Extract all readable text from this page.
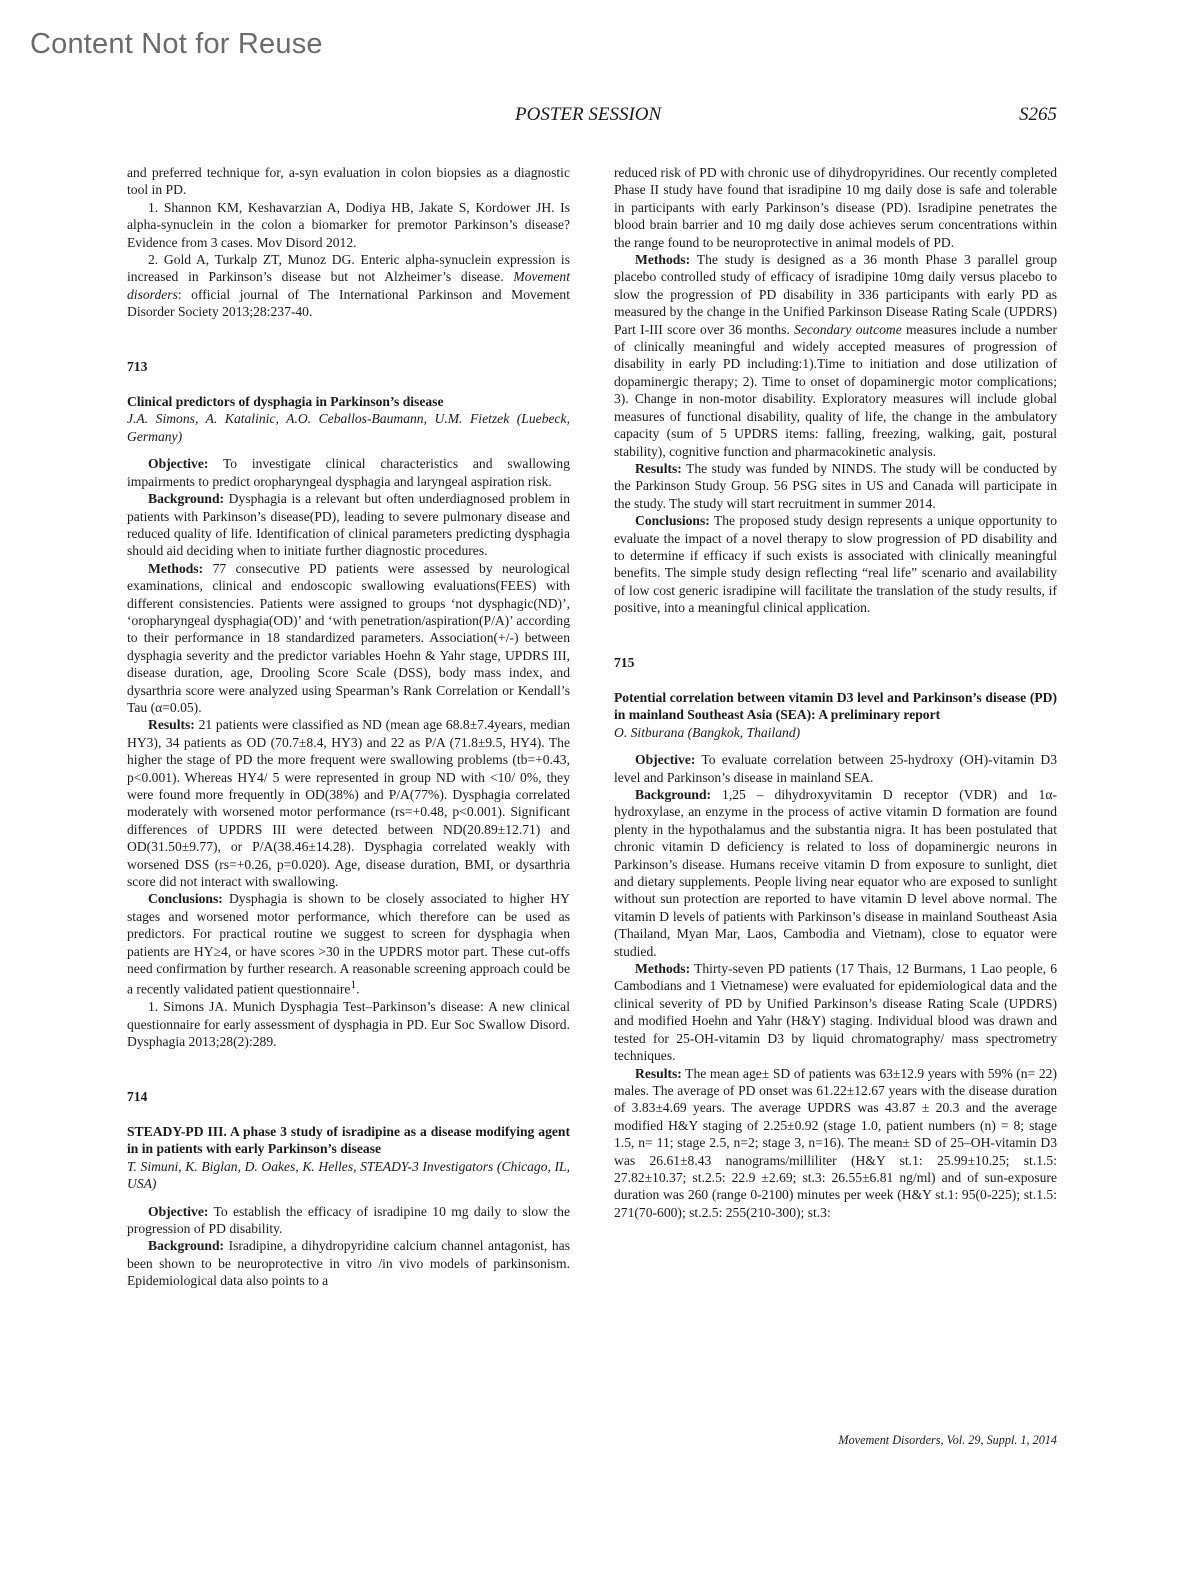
Content Not for Reuse
POSTER SESSION	S265

and preferred technique for, a-syn evaluation in colon biopsies as a diagnostic tool in PD.

1. Shannon KM, Keshavarzian A, Dodiya HB, Jakate S, Kordower JH. Is alpha-synuclein in the colon a biomarker for premotor Parkinson’s disease? Evidence from 3 cases. Mov Disord 2012.

2. Gold A, Turkalp ZT, Munoz DG. Enteric alpha-synuclein expression is increased in Parkinson’s disease but not Alzheimer’s disease. Movement disorders: official journal of The International Parkinson and Movement Disorder Society 2013;28:237-40.

713

Clinical predictors of dysphagia in Parkinson’s disease

J.A. Simons, A. Katalinic, A.O. Ceballos-Baumann, U.M. Fietzek (Luebeck, Germany)

Objective: To investigate clinical characteristics and swallowing impairments to predict oropharyngeal dysphagia and laryngeal aspiration risk.

Background: Dysphagia is a relevant but often underdiagnosed problem in patients with Parkinson’s disease(PD), leading to severe pulmonary disease and reduced quality of life. Identification of clinical parameters predicting dysphagia should aid deciding when to initiate further diagnostic procedures.

Methods: 77 consecutive PD patients were assessed by neurological examinations, clinical and endoscopic swallowing evaluations(FEES) with different consistencies. Patients were assigned to groups ‘not dysphagic(ND)’, ‘oropharyngeal dysphagia(OD)’ and ‘with penetration/aspiration(P/A)’ according to their performance in 18 standardized parameters. Association(+/-) between dysphagia severity and the predictor variables Hoehn & Yahr stage, UPDRS III, disease duration, age, Drooling Score Scale (DSS), body mass index, and dysarthria score were analyzed using Spearman’s Rank Correlation or Kendall’s Tau (α=0.05).

Results: 21 patients were classified as ND (mean age 68.8±7.4years, median HY3), 34 patients as OD (70.7±8.4, HY3) and 22 as P/A (71.8±9.5, HY4). The higher the stage of PD the more frequent were swallowing problems (tb=+0.43, p<0.001). Whereas HY4/ 5 were represented in group ND with <10/ 0%, they were found more frequently in OD(38%) and P/A(77%). Dysphagia correlated moderately with worsened motor performance (rs=+0.48, p<0.001). Significant differences of UPDRS III were detected between ND(20.89±12.71) and OD(31.50±9.77), or P/A(38.46±14.28). Dysphagia correlated weakly with worsened DSS (rs=+0.26, p=0.020). Age, disease duration, BMI, or dysarthria score did not interact with swallowing.

Conclusions: Dysphagia is shown to be closely associated to higher HY stages and worsened motor performance, which therefore can be used as predictors. For practical routine we suggest to screen for dysphagia when patients are HY≥4, or have scores >30 in the UPDRS motor part. These cut-offs need confirmation by further research. A reasonable screening approach could be a recently validated patient questionnaire$^1$.

1. Simons JA. Munich Dysphagia Test–Parkinson’s disease: A new clinical questionnaire for early assessment of dysphagia in PD. Eur Soc Swallow Disord. Dysphagia 2013;28(2):289.

714

STEADY-PD III. A phase 3 study of isradipine as a disease modifying agent in in patients with early Parkinson’s disease

T. Simuni, K. Biglan, D. Oakes, K. Helles, STEADY-3 Investigators (Chicago, IL, USA)

Objective: To establish the efficacy of isradipine 10 mg daily to slow the progression of PD disability.

Background: Isradipine, a dihydropyridine calcium channel antagonist, has been shown to be neuroprotective in vitro /in vivo models of parkinsonism. Epidemiological data also points to a

reduced risk of PD with chronic use of dihydropyridines. Our recently completed Phase II study have found that isradipine 10 mg daily dose is safe and tolerable in participants with early Parkinson’s disease (PD). Isradipine penetrates the blood brain barrier and 10 mg daily dose achieves serum concentrations within the range found to be neuroprotective in animal models of PD.

Methods: The study is designed as a 36 month Phase 3 parallel group placebo controlled study of efficacy of isradipine 10mg daily versus placebo to slow the progression of PD disability in 336 participants with early PD as measured by the change in the Unified Parkinson Disease Rating Scale (UPDRS) Part I-III score over 36 months. Secondary outcome measures include a number of clinically meaningful and widely accepted measures of progression of disability in early PD including:1).Time to initiation and dose utilization of dopaminergic therapy; 2). Time to onset of dopaminergic motor complications; 3). Change in non-motor disability. Exploratory measures will include global measures of functional disability, quality of life, the change in the ambulatory capacity (sum of 5 UPDRS items: falling, freezing, walking, gait, postural stability), cognitive function and pharmacokinetic analysis.

Results: The study was funded by NINDS. The study will be conducted by the Parkinson Study Group. 56 PSG sites in US and Canada will participate in the study. The study will start recruitment in summer 2014.

Conclusions: The proposed study design represents a unique opportunity to evaluate the impact of a novel therapy to slow progression of PD disability and to determine if efficacy if such exists is associated with clinically meaningful benefits. The simple study design reflecting “real life” scenario and availability of low cost generic isradipine will facilitate the translation of the study results, if positive, into a meaningful clinical application.

715

Potential correlation between vitamin D3 level and Parkinson’s disease (PD) in mainland Southeast Asia (SEA): A preliminary report

O. Sitburana (Bangkok, Thailand)

Objective: To evaluate correlation between 25-hydroxy (OH)-vitamin D3 level and Parkinson’s disease in mainland SEA.

Background: 1,25 – dihydroxyvitamin D receptor (VDR) and 1α-hydroxylase, an enzyme in the process of active vitamin D formation are found plenty in the hypothalamus and the substantia nigra. It has been postulated that chronic vitamin D deficiency is related to loss of dopaminergic neurons in Parkinson’s disease. Humans receive vitamin D from exposure to sunlight, diet and dietary supplements. People living near equator who are exposed to sunlight without sun protection are reported to have vitamin D level above normal. The vitamin D levels of patients with Parkinson’s disease in mainland Southeast Asia (Thailand, Myan Mar, Laos, Cambodia and Vietnam), close to equator were studied.

Methods: Thirty-seven PD patients (17 Thais, 12 Burmans, 1 Lao people, 6 Cambodians and 1 Vietnamese) were evaluated for epidemiological data and the clinical severity of PD by Unified Parkinson’s disease Rating Scale (UPDRS) and modified Hoehn and Yahr (H&Y) staging. Individual blood was drawn and tested for 25-OH-vitamin D3 by liquid chromatography/ mass spectrometry techniques.

Results: The mean age± SD of patients was 63±12.9 years with 59% (n= 22) males. The average of PD onset was 61.22±12.67 years with the disease duration of 3.83±4.69 years. The average UPDRS was 43.87 ± 20.3 and the average modified H&Y staging of 2.25±0.92 (stage 1.0, patient numbers (n) = 8; stage 1.5, n= 11; stage 2.5, n=2; stage 3, n=16). The mean± SD of 25–OH-vitamin D3 was 26.61±8.43 nanograms/milliliter (H&Y st.1: 25.99±10.25; st.1.5: 27.82±10.37; st.2.5: 22.9 ±2.69; st.3: 26.55±6.81 ng/ml) and of sun-exposure duration was 260 (range 0-2100) minutes per week (H&Y st.1: 95(0-225); st.1.5: 271(70-600); st.2.5: 255(210-300); st.3:

Movement Disorders, Vol. 29, Suppl. 1, 2014
